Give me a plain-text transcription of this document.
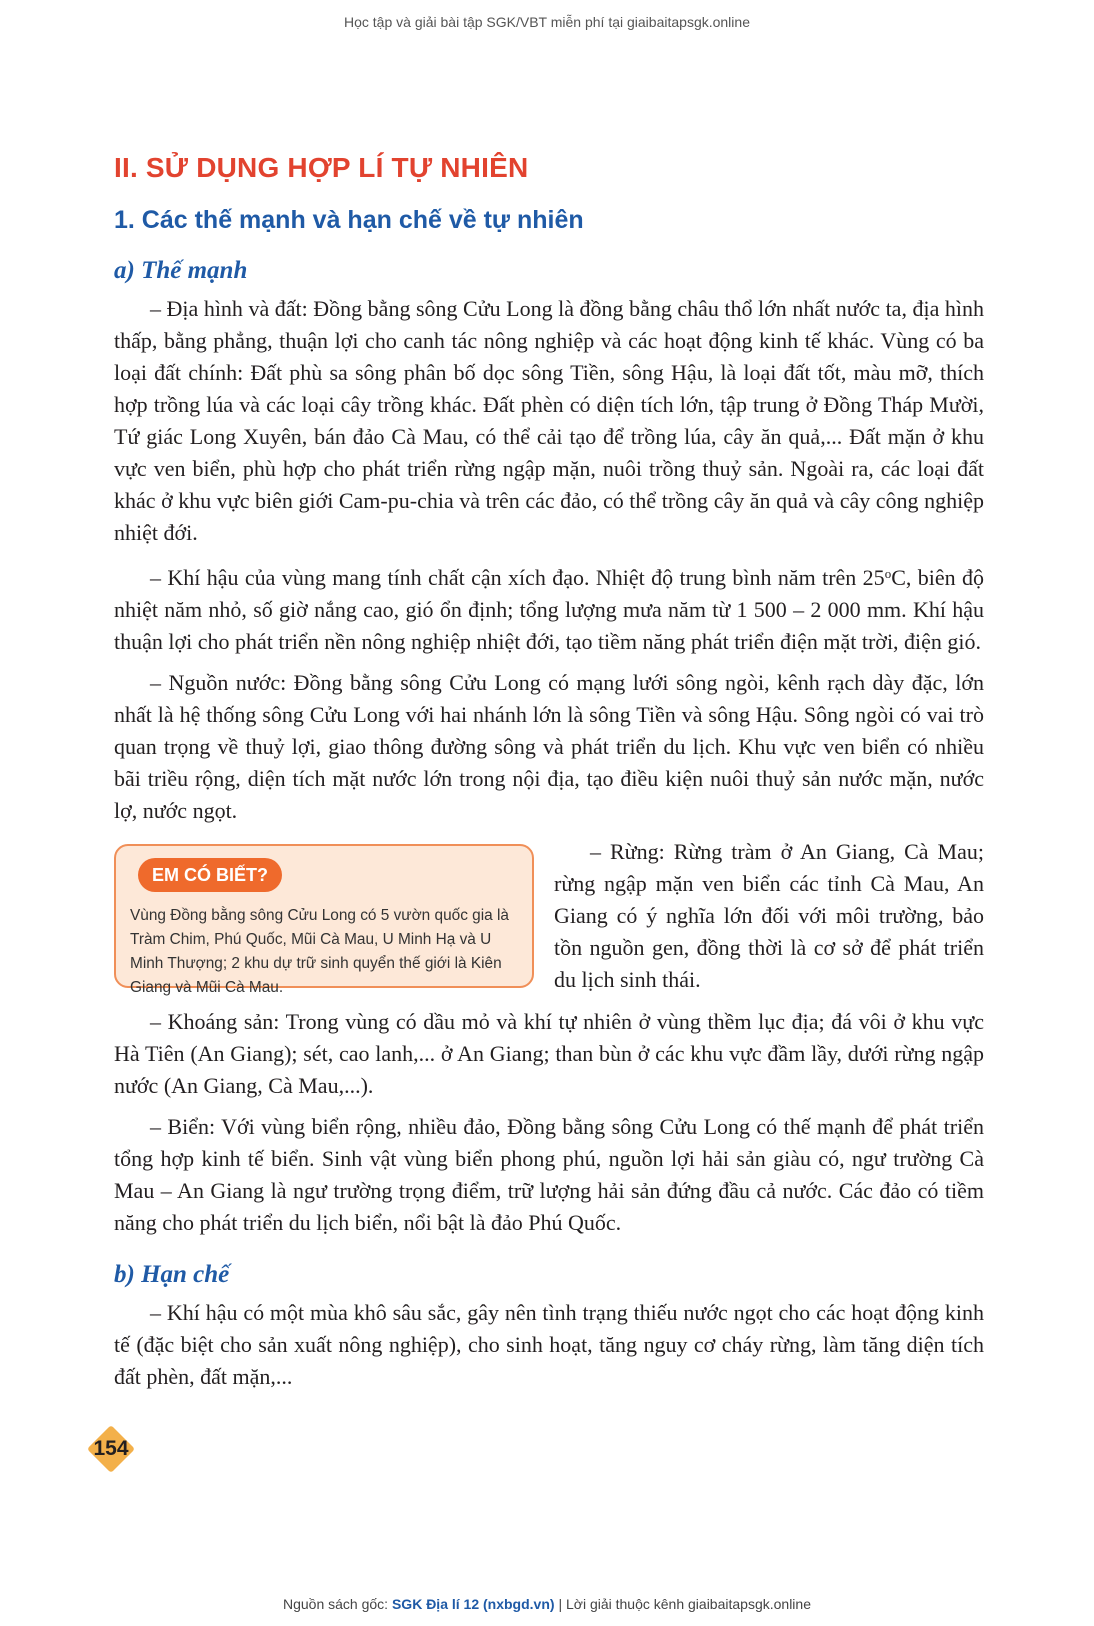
Học tập và giải bài tập SGK/VBT miễn phí tại giaibaitapsgk.online
II. SỬ DỤNG HỢP LÍ TỰ NHIÊN
1. Các thế mạnh và hạn chế về tự nhiên
a) Thế mạnh

– Địa hình và đất: Đồng bằng sông Cửu Long là đồng bằng châu thổ lớn nhất nước ta, địa hình thấp, bằng phẳng, thuận lợi cho canh tác nông nghiệp và các hoạt động kinh tế khác. Vùng có ba loại đất chính: Đất phù sa sông phân bố dọc sông Tiền, sông Hậu, là loại đất tốt, màu mỡ, thích hợp trồng lúa và các loại cây trồng khác. Đất phèn có diện tích lớn, tập trung ở Đồng Tháp Mười, Tứ giác Long Xuyên, bán đảo Cà Mau, có thể cải tạo để trồng lúa, cây ăn quả,... Đất mặn ở khu vực ven biển, phù hợp cho phát triển rừng ngập mặn, nuôi trồng thuỷ sản. Ngoài ra, các loại đất khác ở khu vực biên giới Cam-pu-chia và trên các đảo, có thể trồng cây ăn quả và cây công nghiệp nhiệt đới.

– Khí hậu của vùng mang tính chất cận xích đạo. Nhiệt độ trung bình năm trên 25$^o$C, biên độ nhiệt năm nhỏ, số giờ nắng cao, gió ổn định; tổng lượng mưa năm từ 1 500 – 2 000 mm. Khí hậu thuận lợi cho phát triển nền nông nghiệp nhiệt đới, tạo tiềm năng phát triển điện mặt trời, điện gió.

– Nguồn nước: Đồng bằng sông Cửu Long có mạng lưới sông ngòi, kênh rạch dày đặc, lớn nhất là hệ thống sông Cửu Long với hai nhánh lớn là sông Tiền và sông Hậu. Sông ngòi có vai trò quan trọng về thuỷ lợi, giao thông đường sông và phát triển du lịch. Khu vực ven biển có nhiều bãi triều rộng, diện tích mặt nước lớn trong nội địa, tạo điều kiện nuôi thuỷ sản nước mặn, nước lợ, nước ngọt.

EM CÓ BIẾT?
Vùng Đồng bằng sông Cửu Long có 5 vườn quốc gia là Tràm Chim, Phú Quốc, Mũi Cà Mau, U Minh Hạ và U Minh Thượng; 2 khu dự trữ sinh quyển thế giới là Kiên Giang và Mũi Cà Mau.

– Rừng: Rừng tràm ở An Giang, Cà Mau; rừng ngập mặn ven biển các tỉnh Cà Mau, An Giang có ý nghĩa lớn đối với môi trường, bảo tồn nguồn gen, đồng thời là cơ sở để phát triển du lịch sinh thái.

– Khoáng sản: Trong vùng có dầu mỏ và khí tự nhiên ở vùng thềm lục địa; đá vôi ở khu vực Hà Tiên (An Giang); sét, cao lanh,... ở An Giang; than bùn ở các khu vực đầm lầy, dưới rừng ngập nước (An Giang, Cà Mau,...).

– Biển: Với vùng biển rộng, nhiều đảo, Đồng bằng sông Cửu Long có thế mạnh để phát triển tổng hợp kinh tế biển. Sinh vật vùng biển phong phú, nguồn lợi hải sản giàu có, ngư trường Cà Mau – An Giang là ngư trường trọng điểm, trữ lượng hải sản đứng đầu cả nước. Các đảo có tiềm năng cho phát triển du lịch biển, nổi bật là đảo Phú Quốc.

b) Hạn chế

– Khí hậu có một mùa khô sâu sắc, gây nên tình trạng thiếu nước ngọt cho các hoạt động kinh tế (đặc biệt cho sản xuất nông nghiệp), cho sinh hoạt, tăng nguy cơ cháy rừng, làm tăng diện tích đất phèn, đất mặn,...

154
Nguồn sách gốc: SGK Địa lí 12 (nxbgd.vn) | Lời giải thuộc kênh giaibaitapsgk.online
